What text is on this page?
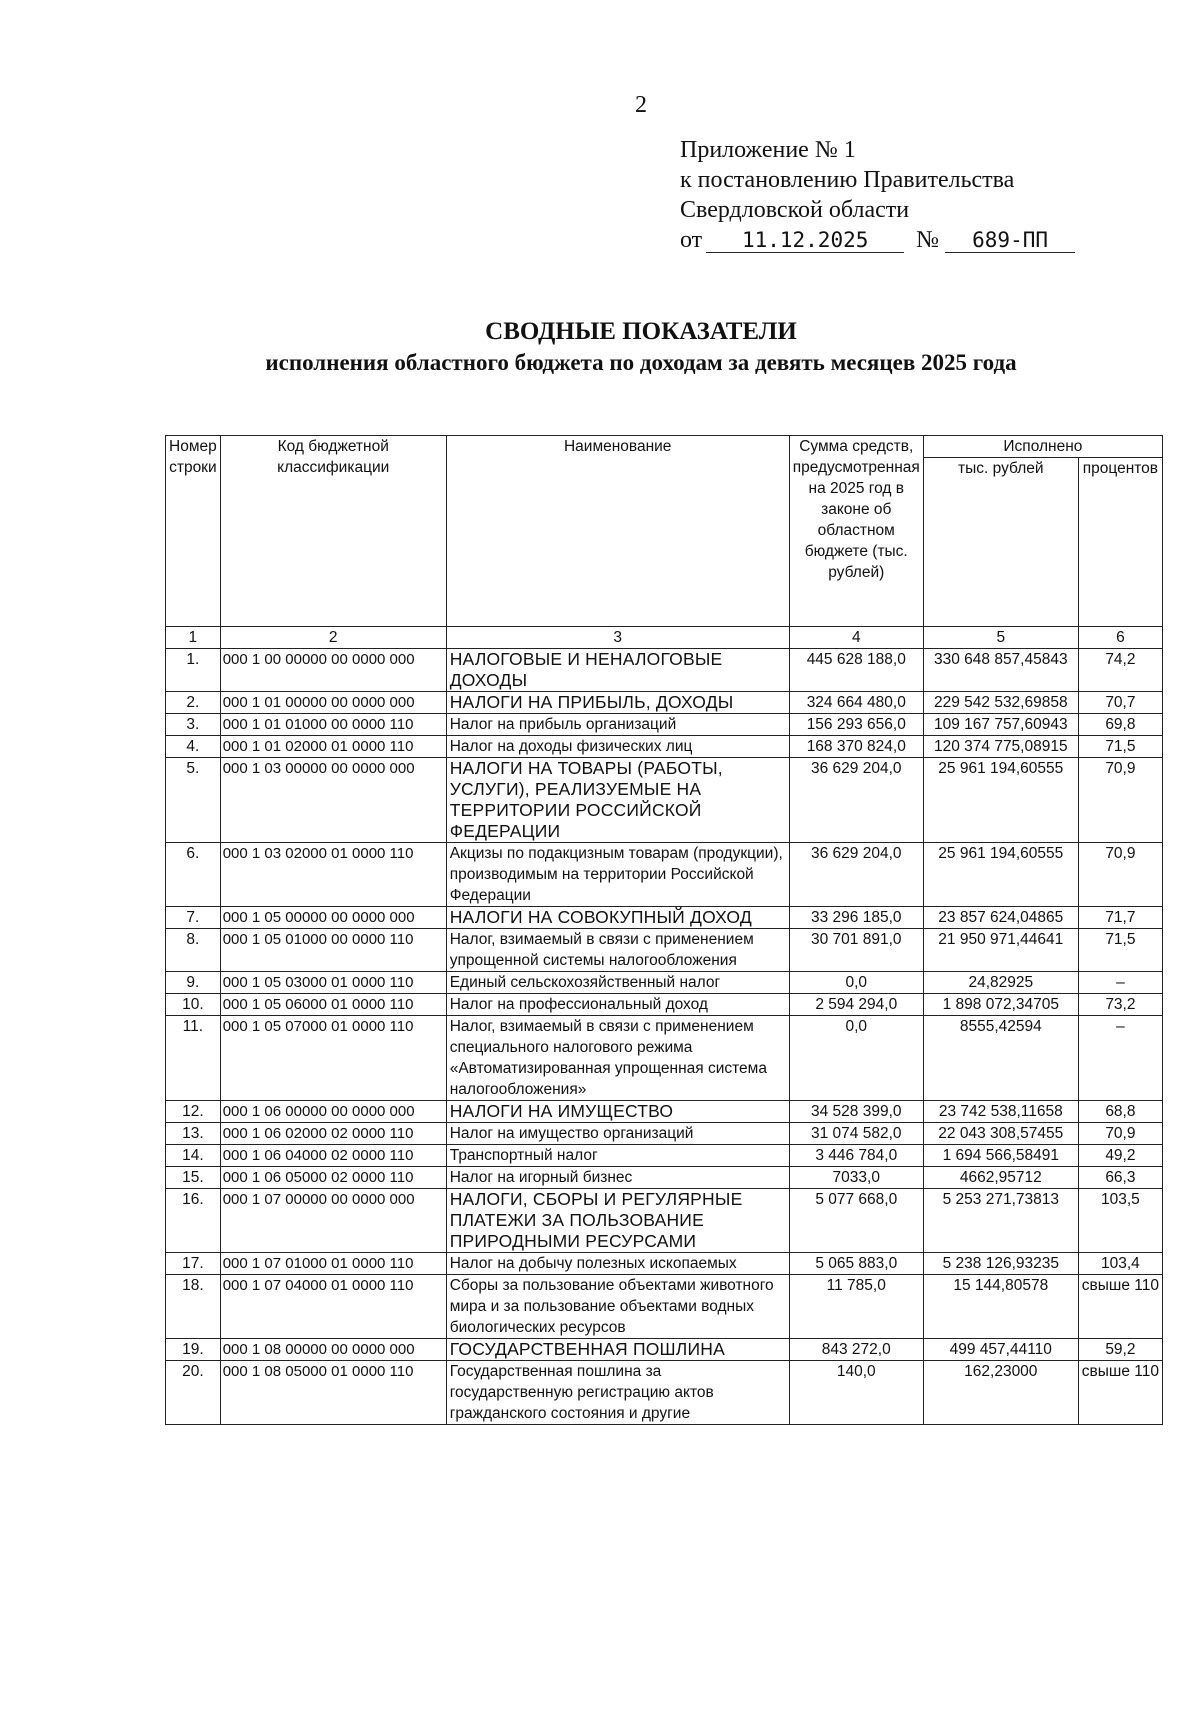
2
Приложение № 1
к постановлению Правительства
Свердловской области
от 11.12.2025 № 689-ПП
СВОДНЫЕ ПОКАЗАТЕЛИ
исполнения областного бюджета по доходам за девять месяцев 2025 года
Номер строки	Код бюджетной классификации	Наименование	Сумма средств, предусмотренная на 2025 год в законе об областном бюджете (тыс. рублей)	Исполнено	
				тыс. рублей	процентов
1	2	3	4	5	6
1.	000 1 00 00000 00 0000 000	НАЛОГОВЫЕ И НЕНАЛОГОВЫЕ ДОХОДЫ	445 628 188,0	330 648 857,45843	74,2
2.	000 1 01 00000 00 0000 000	НАЛОГИ НА ПРИБЫЛЬ, ДОХОДЫ	324 664 480,0	229 542 532,69858	70,7
3.	000 1 01 01000 00 0000 110	Налог на прибыль организаций	156 293 656,0	109 167 757,60943	69,8
4.	000 1 01 02000 01 0000 110	Налог на доходы физических лиц	168 370 824,0	120 374 775,08915	71,5
5.	000 1 03 00000 00 0000 000	НАЛОГИ НА ТОВАРЫ (РАБОТЫ, УСЛУГИ), РЕАЛИЗУЕМЫЕ НА ТЕРРИТОРИИ РОССИЙСКОЙ ФЕДЕРАЦИИ	36 629 204,0	25 961 194,60555	70,9
6.	000 1 03 02000 01 0000 110	Акцизы по подакцизным товарам (продукции), производимым на территории Российской Федерации	36 629 204,0	25 961 194,60555	70,9
7.	000 1 05 00000 00 0000 000	НАЛОГИ НА СОВОКУПНЫЙ ДОХОД	33 296 185,0	23 857 624,04865	71,7
8.	000 1 05 01000 00 0000 110	Налог, взимаемый в связи с применением упрощенной системы налогообложения	30 701 891,0	21 950 971,44641	71,5
9.	000 1 05 03000 01 0000 110	Единый сельскохозяйственный налог	0,0	24,82925	–
10.	000 1 05 06000 01 0000 110	Налог на профессиональный доход	2 594 294,0	1 898 072,34705	73,2
11.	000 1 05 07000 01 0000 110	Налог, взимаемый в связи с применением специального налогового режима «Автоматизированная упрощенная система налогообложения»	0,0	8555,42594	–
12.	000 1 06 00000 00 0000 000	НАЛОГИ НА ИМУЩЕСТВО	34 528 399,0	23 742 538,11658	68,8
13.	000 1 06 02000 02 0000 110	Налог на имущество организаций	31 074 582,0	22 043 308,57455	70,9
14.	000 1 06 04000 02 0000 110	Транспортный налог	3 446 784,0	1 694 566,58491	49,2
15.	000 1 06 05000 02 0000 110	Налог на игорный бизнес	7033,0	4662,95712	66,3
16.	000 1 07 00000 00 0000 000	НАЛОГИ, СБОРЫ И РЕГУЛЯРНЫЕ ПЛАТЕЖИ ЗА ПОЛЬЗОВАНИЕ ПРИРОДНЫМИ РЕСУРСАМИ	5 077 668,0	5 253 271,73813	103,5
17.	000 1 07 01000 01 0000 110	Налог на добычу полезных ископаемых	5 065 883,0	5 238 126,93235	103,4
18.	000 1 07 04000 01 0000 110	Сборы за пользование объектами животного мира и за пользование объектами водных биологических ресурсов	11 785,0	15 144,80578	свыше 110
19.	000 1 08 00000 00 0000 000	ГОСУДАРСТВЕННАЯ ПОШЛИНА	843 272,0	499 457,44110	59,2
20.	000 1 08 05000 01 0000 110	Государственная пошлина за государственную регистрацию актов гражданского состояния и другие	140,0	162,23000	свыше 110
